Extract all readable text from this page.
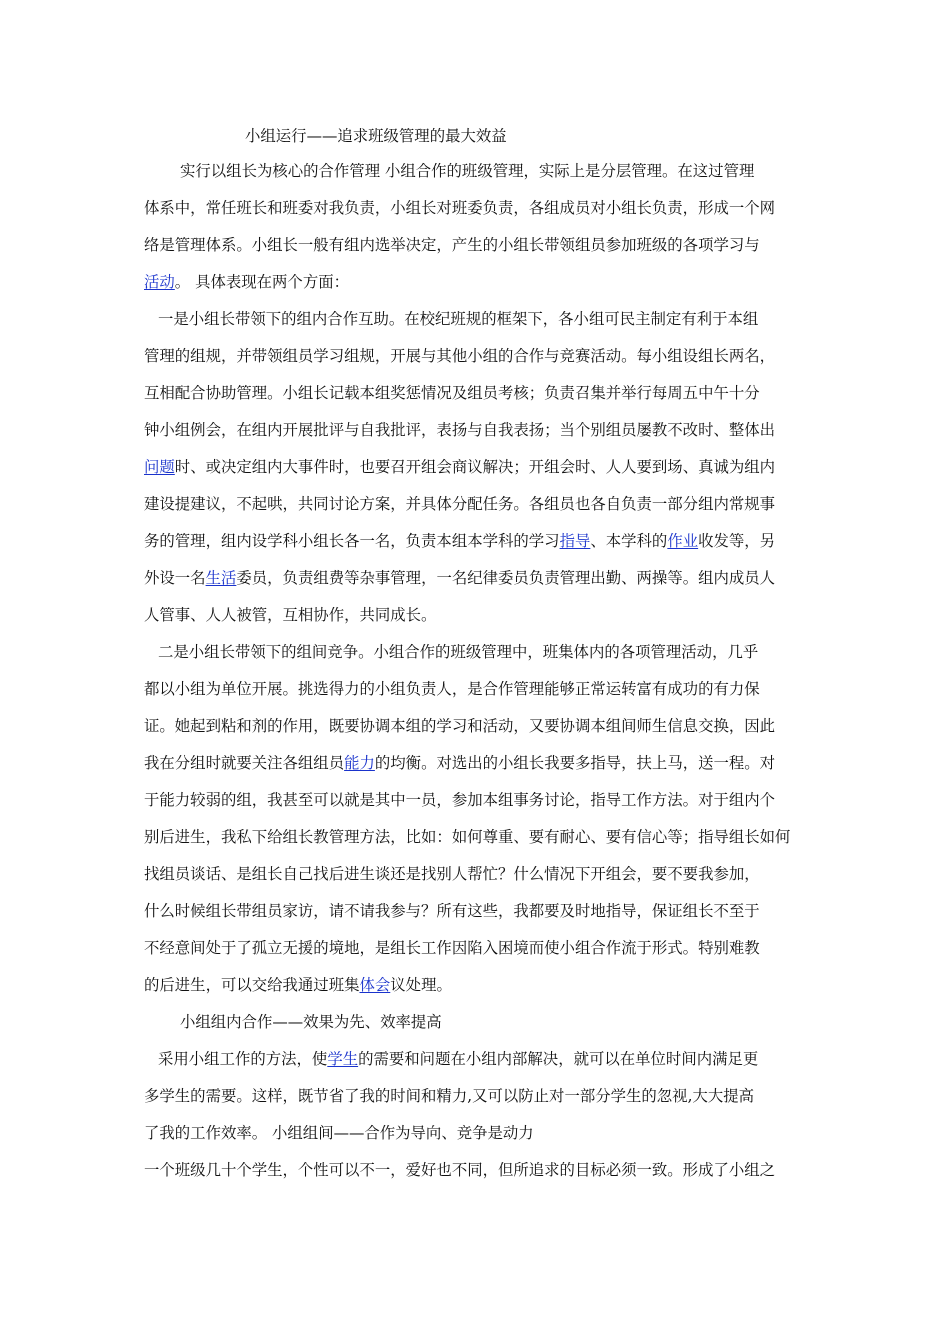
小组运行——追求班级管理的最大效益
实行以组长为核心的合作管理 小组合作的班级管理，实际上是分层管理。在这过管理
体系中，常任班长和班委对我负责，小组长对班委负责，各组成员对小组长负责，形成一个网
络是管理体系。小组长一般有组内选举决定，产生的小组长带领组员参加班级的各项学习与
活动。 具体表现在两个方面：
一是小组长带领下的组内合作互助。在校纪班规的框架下，各小组可民主制定有利于本组
管理的组规，并带领组员学习组规，开展与其他小组的合作与竞赛活动。每小组设组长两名，
互相配合协助管理。小组长记载本组奖惩情况及组员考核；负责召集并举行每周五中午十分
钟小组例会，在组内开展批评与自我批评，表扬与自我表扬；当个别组员屡教不改时、整体出
问题时、或决定组内大事件时，也要召开组会商议解决；开组会时、人人要到场、真诚为组内
建设提建议，不起哄，共同讨论方案，并具体分配任务。各组员也各自负责一部分组内常规事
务的管理，组内设学科小组长各一名，负责本组本学科的学习指导、本学科的作业收发等，另
外设一名生活委员，负责组费等杂事管理，一名纪律委员负责管理出勤、两操等。组内成员人
人管事、人人被管，互相协作，共同成长。
二是小组长带领下的组间竞争。小组合作的班级管理中，班集体内的各项管理活动，几乎
都以小组为单位开展。挑选得力的小组负责人，是合作管理能够正常运转富有成功的有力保
证。她起到粘和剂的作用，既要协调本组的学习和活动，又要协调本组间师生信息交换，因此
我在分组时就要关注各组组员能力的均衡。对选出的小组长我要多指导，扶上马，送一程。对
于能力较弱的组，我甚至可以就是其中一员，参加本组事务讨论，指导工作方法。对于组内个
别后进生，我私下给组长教管理方法，比如：如何尊重、要有耐心、要有信心等；指导组长如何
找组员谈话、是组长自己找后进生谈还是找别人帮忙？什么情况下开组会，要不要我参加，
什么时候组长带组员家访，请不请我参与？所有这些，我都要及时地指导，保证组长不至于
不经意间处于了孤立无援的境地，是组长工作因陷入困境而使小组合作流于形式。特别难教
的后进生，可以交给我通过班集体会议处理。
小组组内合作——效果为先、效率提高
采用小组工作的方法，使学生的需要和问题在小组内部解决，就可以在单位时间内满足更
多学生的需要。这样，既节省了我的时间和精力,又可以防止对一部分学生的忽视,大大提高
了我的工作效率。 小组组间——合作为导向、竞争是动力
一个班级几十个学生，个性可以不一，爱好也不同，但所追求的目标必须一致。形成了小组之
